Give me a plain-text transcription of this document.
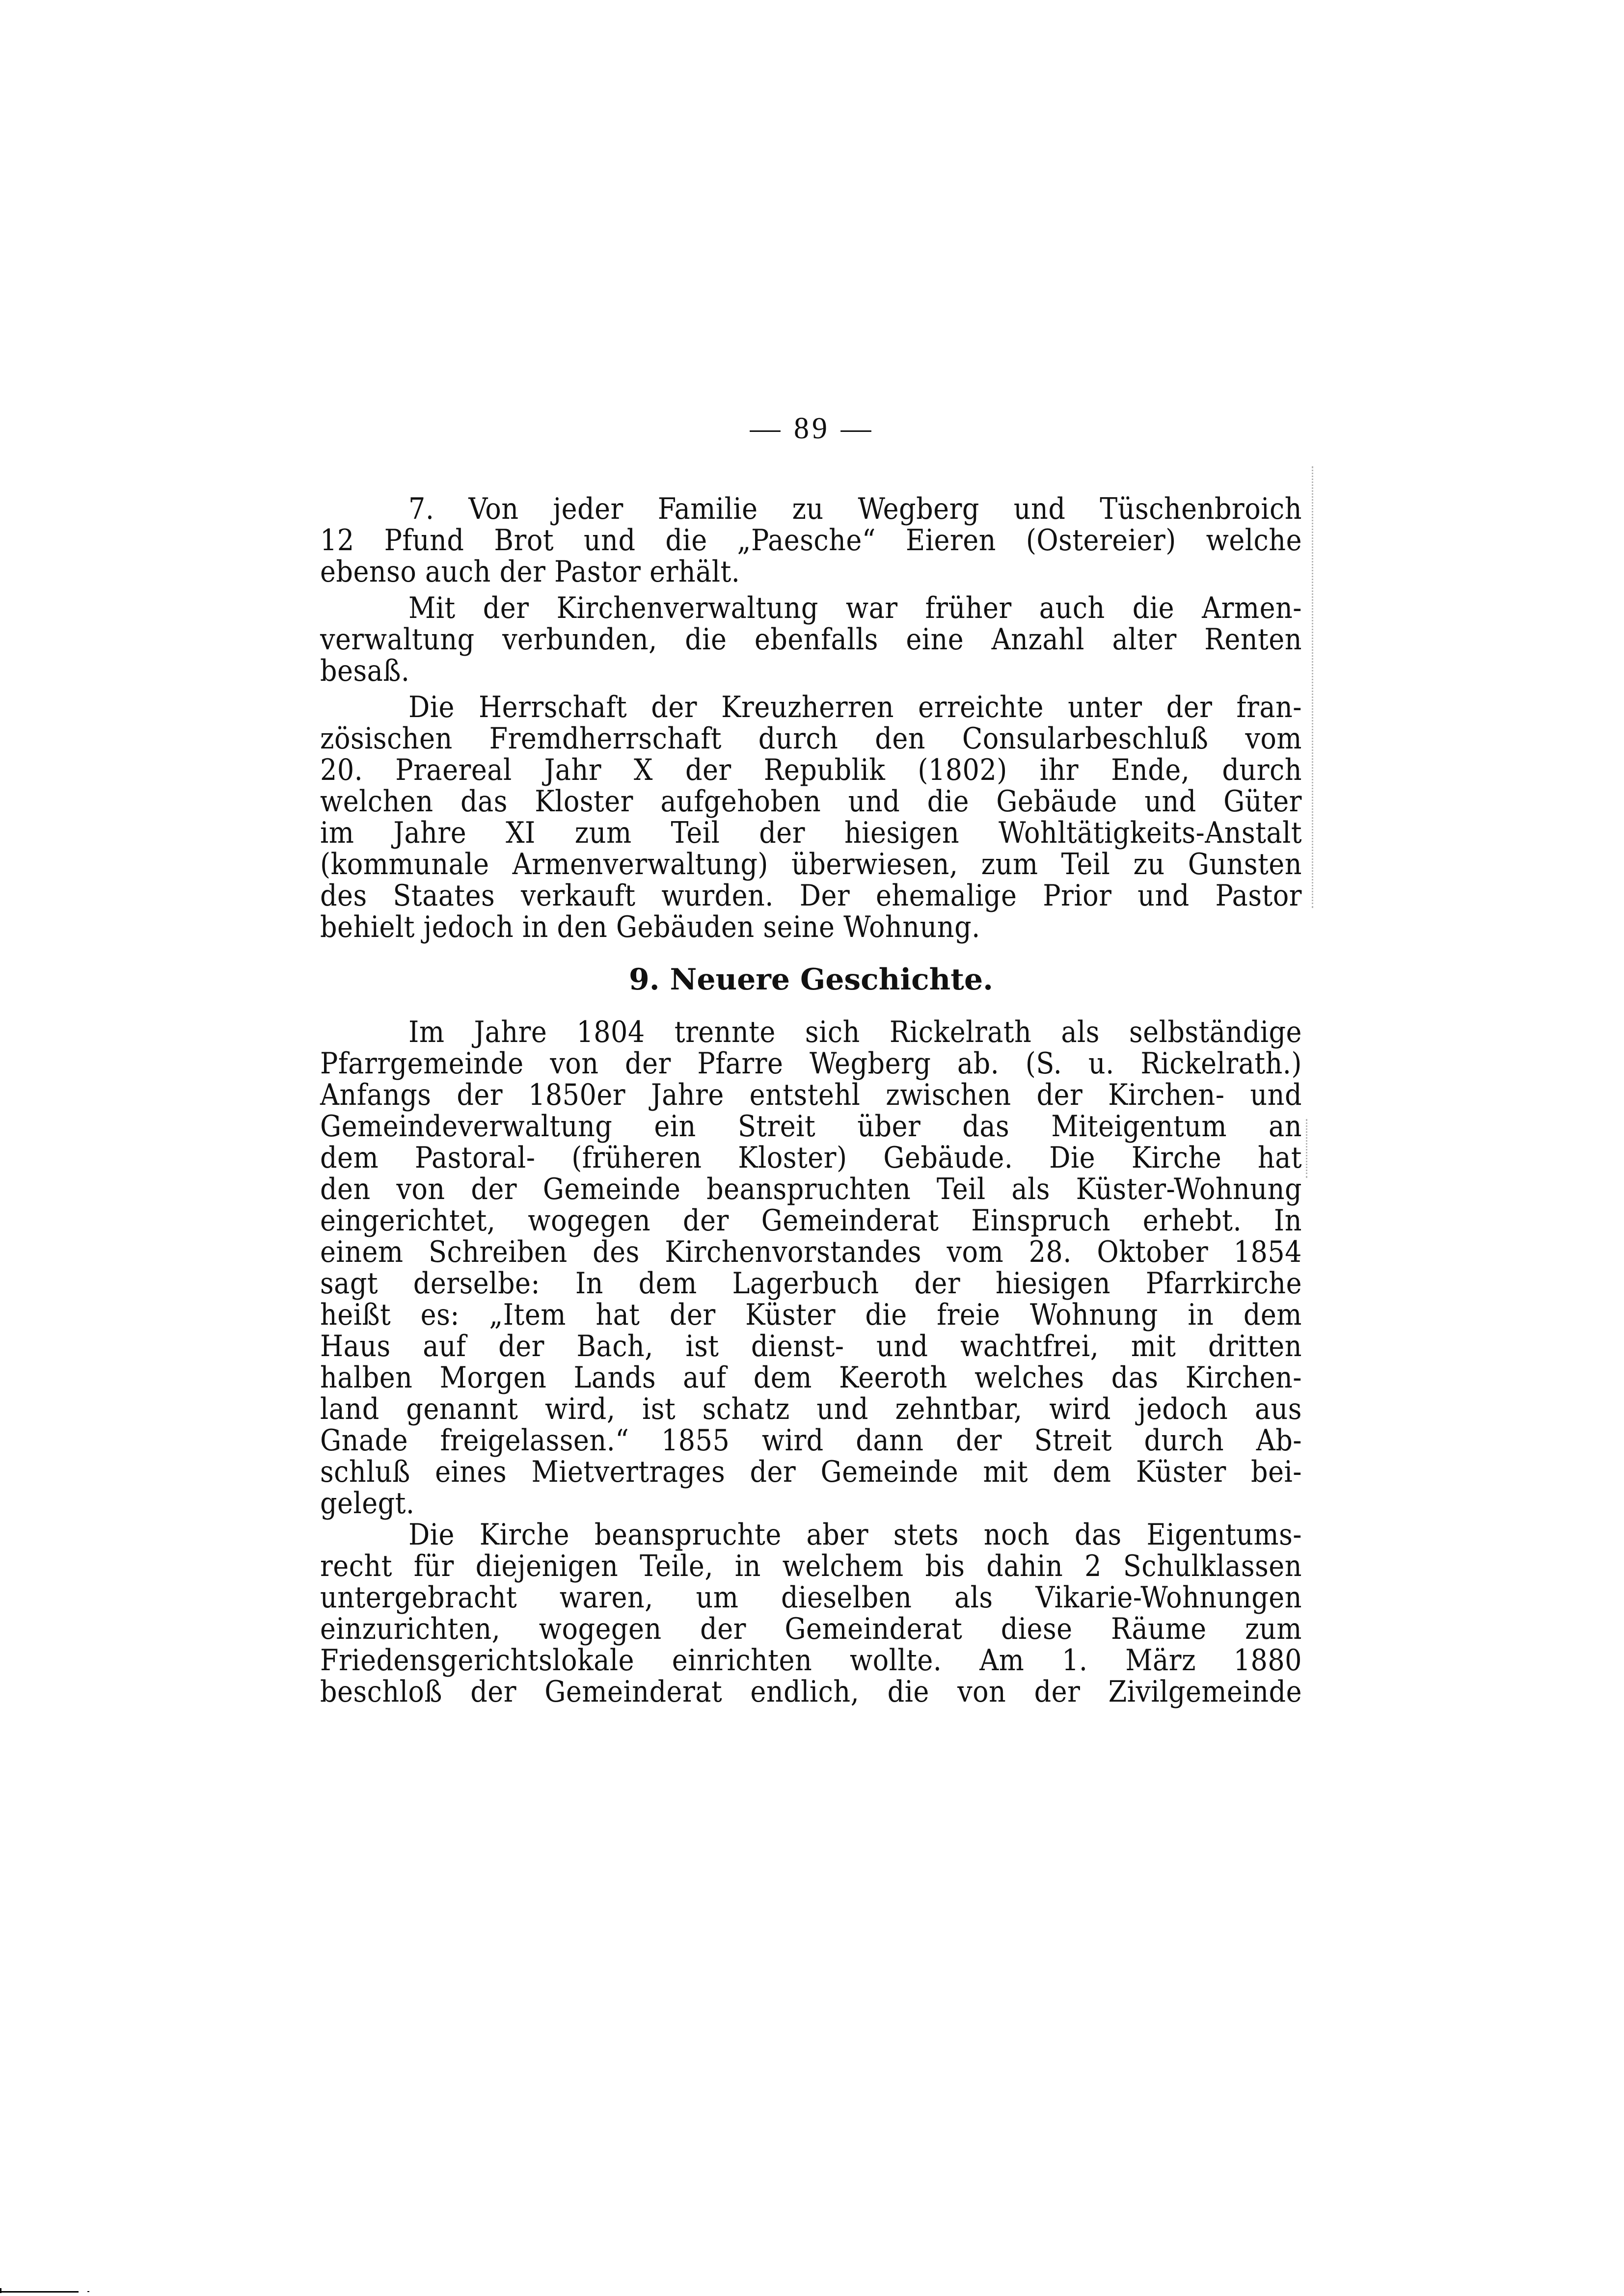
— 89 —
7. Von jeder Familie zu Wegberg und Tüschenbroich
12 Pfund Brot und die „Paesche“ Eieren (Ostereier) welche
ebenso auch der Pastor erhält.
Mit der Kirchenverwaltung war früher auch die Armen-
verwaltung verbunden, die ebenfalls eine Anzahl alter Renten
besaß.
Die Herrschaft der Kreuzherren erreichte unter der fran-
zösischen Fremdherrschaft durch den Consularbeschluß vom
20. Praereal Jahr X der Republik (1802) ihr Ende, durch
welchen das Kloster aufgehoben und die Gebäude und Güter
im Jahre XI zum Teil der hiesigen Wohltätigkeits-Anstalt
(kommunale Armenverwaltung) überwiesen, zum Teil zu Gunsten
des Staates verkauft wurden. Der ehemalige Prior und Pastor
behielt jedoch in den Gebäuden seine Wohnung.
9. Neuere Geschichte.
Im Jahre 1804 trennte sich Rickelrath als selbständige
Pfarrgemeinde von der Pfarre Wegberg ab. (S. u. Rickelrath.)
Anfangs der 1850er Jahre entstehl zwischen der Kirchen- und
Gemeindeverwaltung ein Streit über das Miteigentum an
dem Pastoral- (früheren Kloster) Gebäude. Die Kirche hat
den von der Gemeinde beanspruchten Teil als Küster-Wohnung
eingerichtet, wogegen der Gemeinderat Einspruch erhebt. In
einem Schreiben des Kirchenvorstandes vom 28. Oktober 1854
sagt derselbe: In dem Lagerbuch der hiesigen Pfarrkirche
heißt es: „Item hat der Küster die freie Wohnung in dem
Haus auf der Bach, ist dienst- und wachtfrei, mit dritten
halben Morgen Lands auf dem Keeroth welches das Kirchen-
land genannt wird, ist schatz und zehntbar, wird jedoch aus
Gnade freigelassen.“ 1855 wird dann der Streit durch Ab-
schluß eines Mietvertrages der Gemeinde mit dem Küster bei-
gelegt.
Die Kirche beanspruchte aber stets noch das Eigentums-
recht für diejenigen Teile, in welchem bis dahin 2 Schulklassen
untergebracht waren, um dieselben als Vikarie-Wohnungen
einzurichten, wogegen der Gemeinderat diese Räume zum
Friedensgerichtslokale einrichten wollte. Am 1. März 1880
beschloß der Gemeinderat endlich, die von der Zivilgemeinde
